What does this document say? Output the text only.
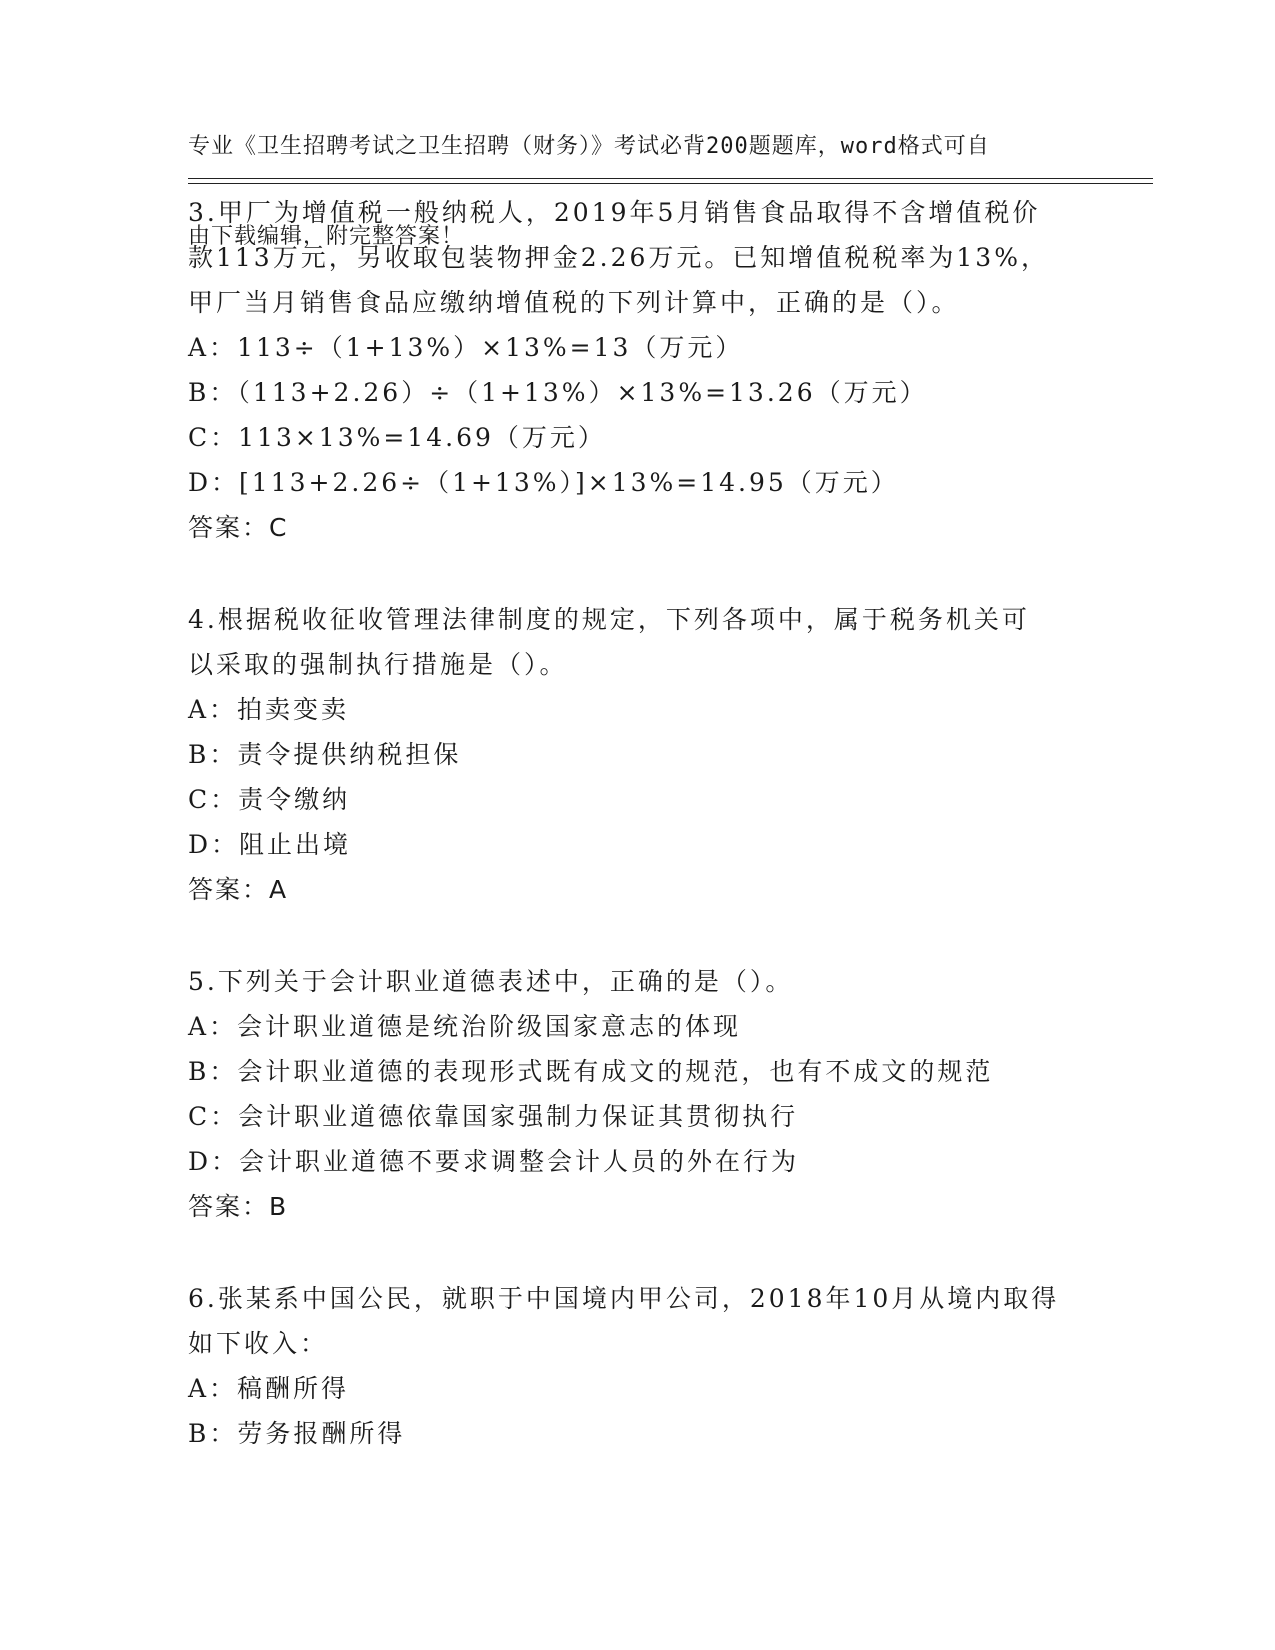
专业《卫生招聘考试之卫生招聘（财务）》考试必背200题题库，word格式可自

由下载编辑，附完整答案！

3.甲厂为增值税一般纳税人，2019年5月销售食品取得不含增值税价

款113万元，另收取包装物押金2.26万元。已知增值税税率为13%，

甲厂当月销售食品应缴纳增值税的下列计算中，正确的是（）。

A：113÷（1+13%）×13%=13（万元）

B：（113+2.26）÷（1+13%）×13%=13.26（万元）

C：113×13%=14.69（万元）

D：[113+2.26÷（1+13%）]×13%=14.95（万元）

答案：C

4.根据税收征收管理法律制度的规定，下列各项中，属于税务机关可

以采取的强制执行措施是（）。

A：拍卖变卖

B：责令提供纳税担保

C：责令缴纳

D：阻止出境

答案：A

5.下列关于会计职业道德表述中，正确的是（）。

A：会计职业道德是统治阶级国家意志的体现

B：会计职业道德的表现形式既有成文的规范，也有不成文的规范

C：会计职业道德依靠国家强制力保证其贯彻执行

D：会计职业道德不要求调整会计人员的外在行为

答案：B

6.张某系中国公民，就职于中国境内甲公司，2018年10月从境内取得

如下收入：

A：稿酬所得

B：劳务报酬所得
